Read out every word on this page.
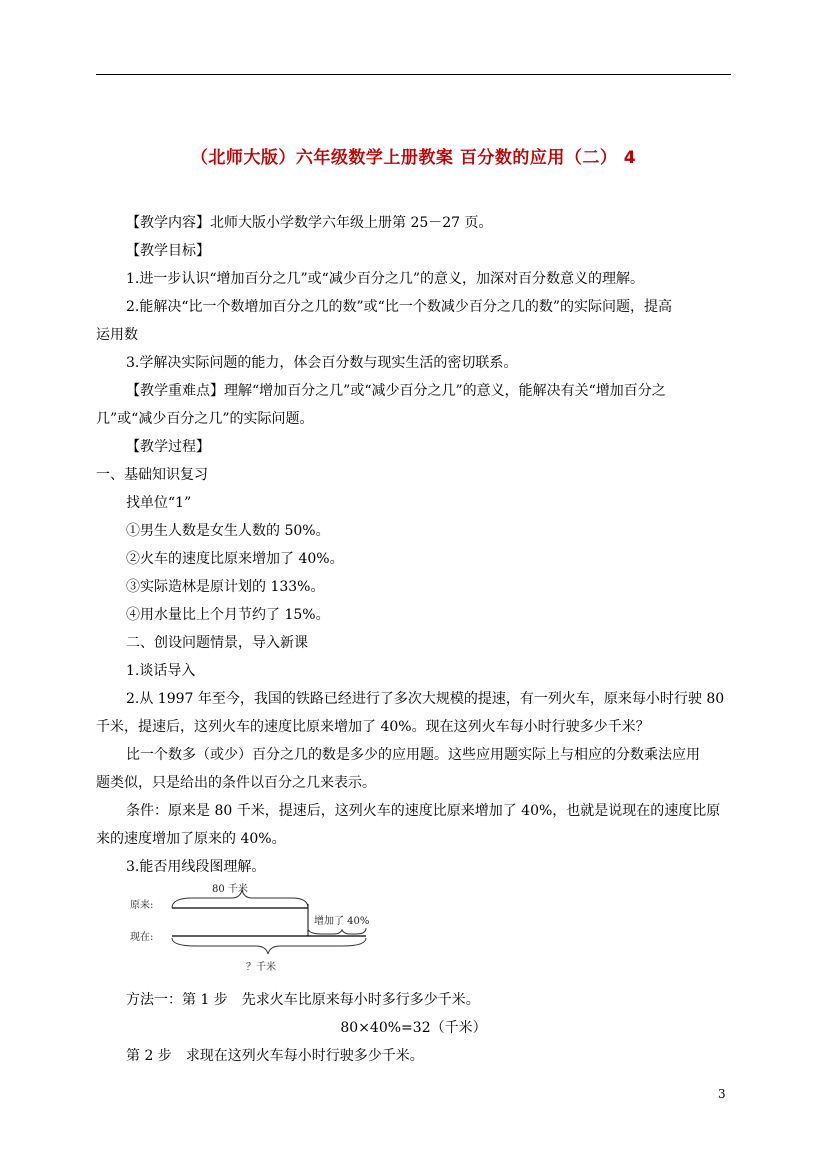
（北师大版）六年级数学上册教案 百分数的应用（二） 4
【教学内容】北师大版小学数学六年级上册第 25－27 页。
【教学目标】
1.进一步认识“增加百分之几”或“减少百分之几”的意义，加深对百分数意义的理解。
2.能解决“比一个数增加百分之几的数”或“比一个数减少百分之几的数”的实际问题，提高
运用数
3.学解决实际问题的能力，体会百分数与现实生活的密切联系。
【教学重难点】理解“增加百分之几”或“减少百分之几”的意义，能解决有关“增加百分之
几”或“减少百分之几”的实际问题。
【教学过程】
一、基础知识复习
找单位“1”
①男生人数是女生人数的 50%。
②火车的速度比原来增加了 40%。
③实际造林是原计划的 133%。
④用水量比上个月节约了 15%。
二、创设问题情景，导入新课
1.谈话导入
2.从 1997 年至今，我国的铁路已经进行了多次大规模的提速，有一列火车，原来每小时行驶 80
千米，提速后，这列火车的速度比原来增加了 40%。现在这列火车每小时行驶多少千米？
比一个数多（或少）百分之几的数是多少的应用题。这些应用题实际上与相应的分数乘法应用
题类似，只是给出的条件以百分之几来表示。
条件：原来是 80 千米，提速后，这列火车的速度比原来增加了 40%，也就是说现在的速度比原
来的速度增加了原来的 40%。
3.能否用线段图理解。
80 千米
原来:
增加了 40%
现在:
？千米
方法一：第 1 步　先求火车比原来每小时多行多少千米。
80×40%=32（千米）
第 2 步　求现在这列火车每小时行驶多少千米。
3
